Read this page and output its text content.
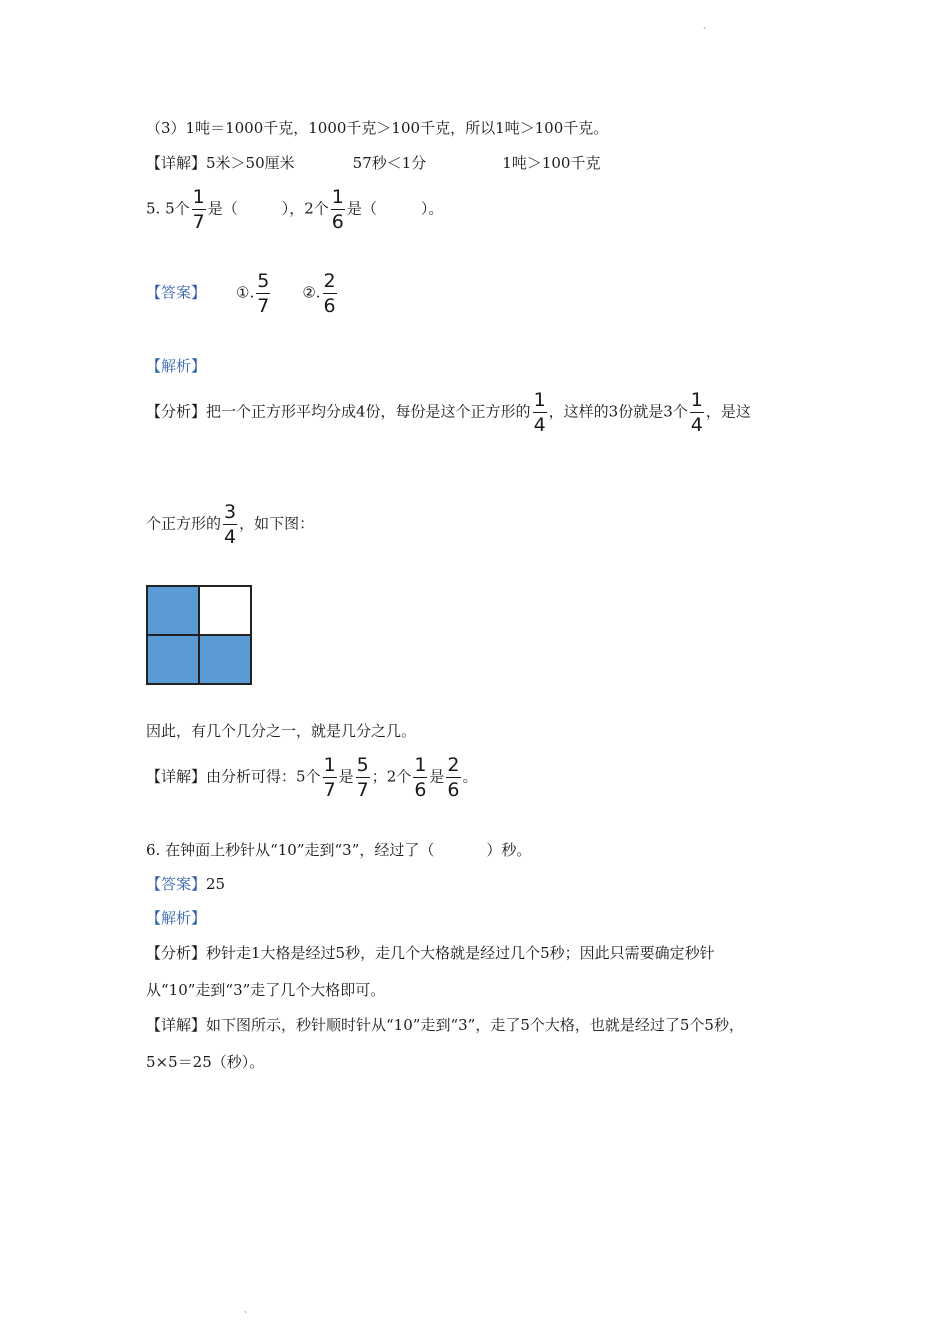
、
（3）1吨＝1000千克，1000千克＞100千克，所以1吨＞100千克。
【详解】5米＞50厘米	57秒＜1分	1吨＞100千克
5. 5个 $\frac{1}{7}$ 是（	），2个 $\frac{1}{6}$ 是（	）。
【答案】 ①. $\frac{5}{7}$ ②. $\frac{2}{6}$
【解析】
【分析】把一个正方形平均分成4份，每份是这个正方形的 $\frac{1}{4}$ ，这样的3份就是3个 $\frac{1}{4}$ ，是这
个正方形的 $\frac{3}{4}$ ，如下图：
因此，有几个几分之一，就是几分之几。
【详解】由分析可得：5个 $\frac{1}{7}$ 是 $\frac{5}{7}$ ；2个 $\frac{1}{6}$ 是 $\frac{2}{6}$ 。
6. 在钟面上秒针从“10”走到“3”，经过了（	）秒。
【答案】25
【解析】
【分析】秒针走1大格是经过5秒，走几个大格就是经过几个5秒；因此只需要确定秒针
从“10”走到“3”走了几个大格即可。
【详解】如下图所示，秒针顺时针从“10”走到“3”，走了5个大格，也就是经过了5个5秒，
5×5＝25（秒）。
、
